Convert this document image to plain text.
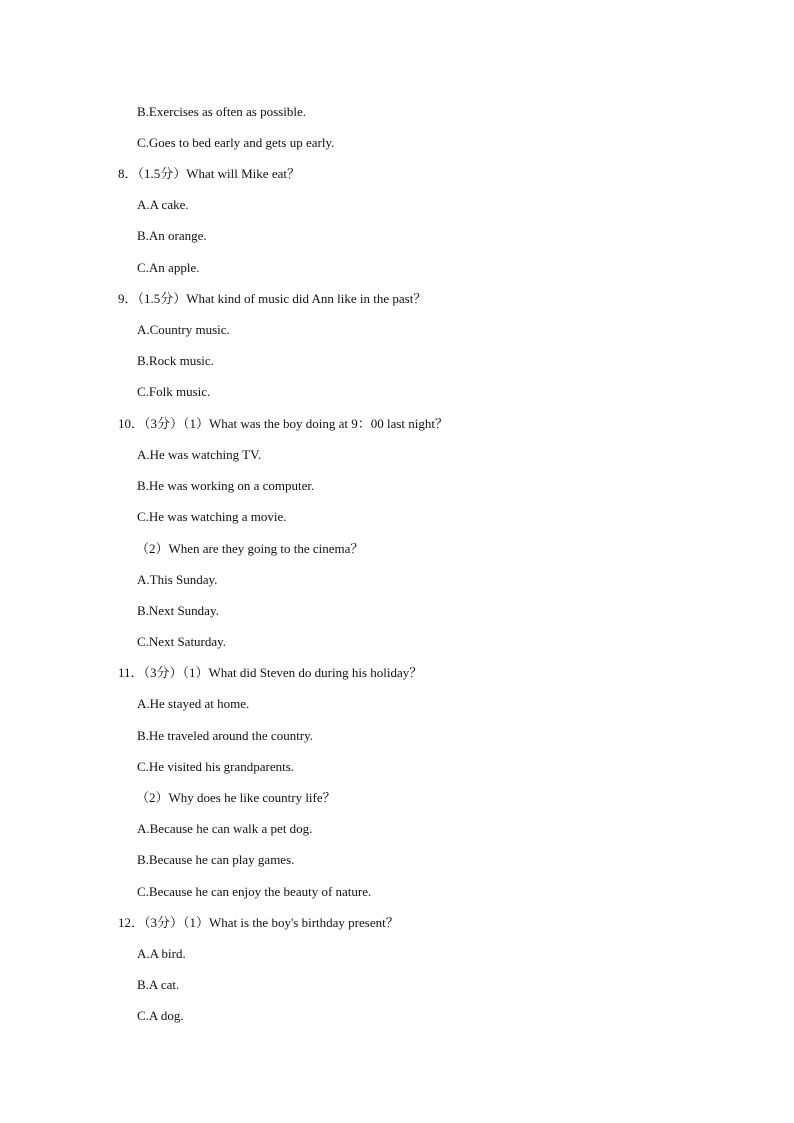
B.Exercises as often as possible.
C.Goes to bed early and gets up early.
8．（1.5分）What will Mike eat？
A.A cake.
B.An orange.
C.An apple.
9．（1.5分）What kind of music did Ann like in the past？
A.Country music.
B.Rock music.
C.Folk music.
10．（3分）（1）What was the boy doing at 9：00 last night？
A.He was watching TV.
B.He was working on a computer.
C.He was watching a movie.
（2）When are they going to the cinema？
A.This Sunday.
B.Next Sunday.
C.Next Saturday.
11．（3分）（1）What did Steven do during his holiday？
A.He stayed at home.
B.He traveled around the country.
C.He visited his grandparents.
（2）Why does he like country life？
A.Because he can walk a pet dog.
B.Because he can play games.
C.Because he can enjoy the beauty of nature.
12．（3分）（1）What is the boy's birthday present？
A.A bird.
B.A cat.
C.A dog.
